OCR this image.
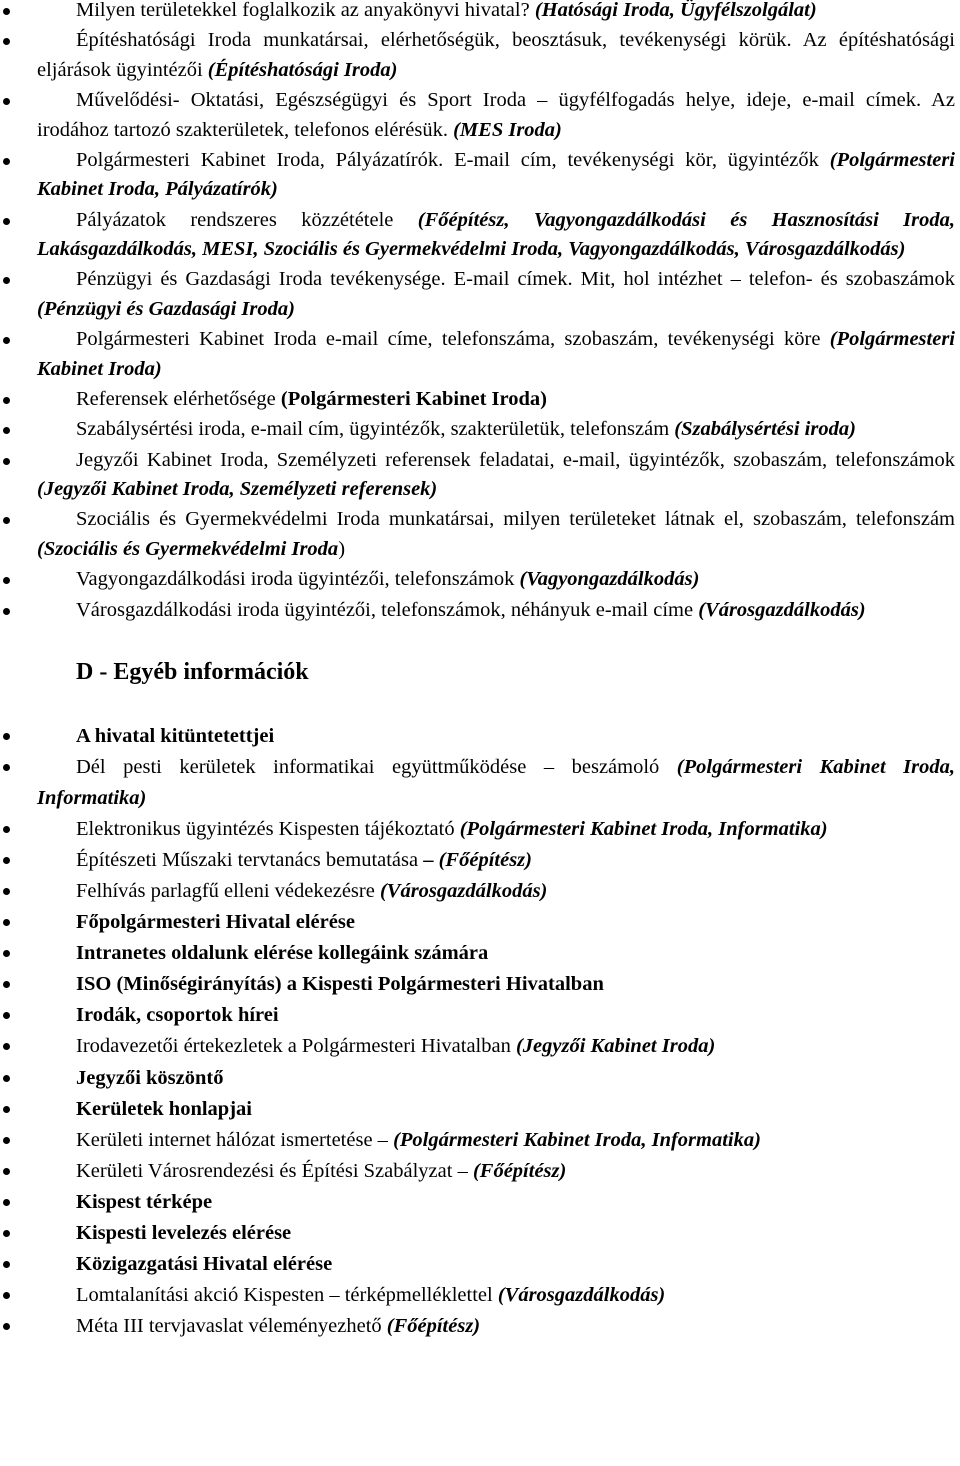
Milyen területekkel foglalkozik az anyakönyvi hivatal? (Hatósági Iroda, Ügyfélszolgálat)
Építéshatósági Iroda munkatársai, elérhetőségük, beosztásuk, tevékenységi körük. Az építéshatósági eljárások ügyintézői (Építéshatósági Iroda)
Művelődési- Oktatási, Egészségügyi és Sport Iroda – ügyfélfogadás helye, ideje, e-mail címek. Az irodához tartozó szakterületek, telefonos elérésük. (MES Iroda)
Polgármesteri Kabinet Iroda, Pályázatírók. E-mail cím, tevékenységi kör, ügyintézők (Polgármesteri Kabinet Iroda, Pályázatírók)
Pályázatok rendszeres közzététele (Főépítész, Vagyongazdálkodási és Hasznosítási Iroda, Lakásgazdálkodás, MESI, Szociális és Gyermekvédelmi Iroda, Vagyongazdálkodás, Városgazdálkodás)
Pénzügyi és Gazdasági Iroda tevékenysége. E-mail címek. Mit, hol intézhet – telefon- és szobaszámok (Pénzügyi és Gazdasági Iroda)
Polgármesteri Kabinet Iroda e-mail címe, telefonszáma, szobaszám, tevékenységi köre (Polgármesteri Kabinet Iroda)
Referensek elérhetősége (Polgármesteri Kabinet Iroda)
Szabálysértési iroda, e-mail cím, ügyintézők, szakterületük, telefonszám (Szabálysértési iroda)
Jegyzői Kabinet Iroda, Személyzeti referensek feladatai, e-mail, ügyintézők, szobaszám, telefonszámok (Jegyzői Kabinet Iroda, Személyzeti referensek)
Szociális és Gyermekvédelmi Iroda munkatársai, milyen területeket látnak el, szobaszám, telefonszám (Szociális és Gyermekvédelmi Iroda)
Vagyongazdálkodási iroda ügyintézői, telefonszámok (Vagyongazdálkodás)
Városgazdálkodási iroda ügyintézői, telefonszámok, néhányuk e-mail címe (Városgazdálkodás)
D - Egyéb információk
A hivatal kitüntetettjei
Dél pesti kerületek informatikai együttműködése – beszámoló (Polgármesteri Kabinet Iroda, Informatika)
Elektronikus ügyintézés Kispesten tájékoztató (Polgármesteri Kabinet Iroda, Informatika)
Építészeti Műszaki tervtanács bemutatása – (Főépítész)
Felhívás parlagfű elleni védekezésre (Városgazdálkodás)
Főpolgármesteri Hivatal elérése
Intranetes oldalunk elérése kollegáink számára
ISO (Minőségirányítás) a Kispesti Polgármesteri Hivatalban
Irodák, csoportok hírei
Irodavezetői értekezletek a Polgármesteri Hivatalban (Jegyzői Kabinet Iroda)
Jegyzői köszöntő
Kerületek honlapjai
Kerületi internet hálózat ismertetése – (Polgármesteri Kabinet Iroda, Informatika)
Kerületi Városrendezési és Építési Szabályzat – (Főépítész)
Kispest térképe
Kispesti levelezés elérése
Közigazgatási Hivatal elérése
Lomtalanítási akció Kispesten – térképmelléklettel (Városgazdálkodás)
Méta III tervjavaslat véleményezhető (Főépítész)
